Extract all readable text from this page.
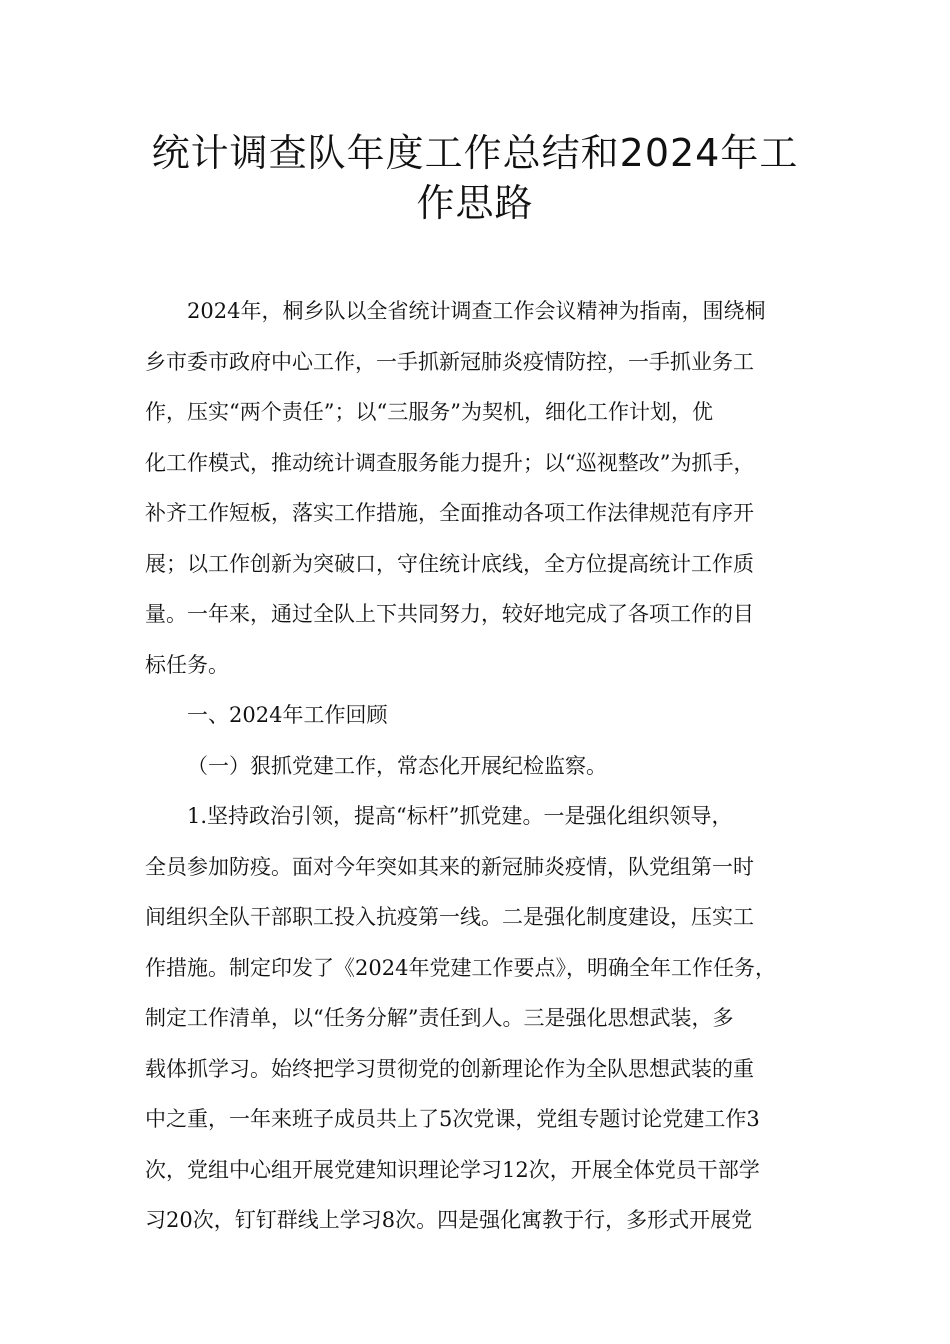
统计调查队年度工作总结和2024年工
作思路

2024年，桐乡队以全省统计调查工作会议精神为指南，围绕桐
乡市委市政府中心工作，一手抓新冠肺炎疫情防控，一手抓业务工
作，压实“两个责任”；以“三服务”为契机，细化工作计划，优
化工作模式，推动统计调查服务能力提升；以“巡视整改”为抓手，
补齐工作短板，落实工作措施，全面推动各项工作法律规范有序开
展；以工作创新为突破口，守住统计底线，全方位提高统计工作质
量。一年来，通过全队上下共同努力，较好地完成了各项工作的目
标任务。

一、2024年工作回顾

（一）狠抓党建工作，常态化开展纪检监察。

1.坚持政治引领，提高“标杆”抓党建。一是强化组织领导，
全员参加防疫。面对今年突如其来的新冠肺炎疫情，队党组第一时
间组织全队干部职工投入抗疫第一线。二是强化制度建设，压实工
作措施。制定印发了《2024年党建工作要点》，明确全年工作任务，
制定工作清单，以“任务分解”责任到人。三是强化思想武装，多
载体抓学习。始终把学习贯彻党的创新理论作为全队思想武装的重
中之重，一年来班子成员共上了5次党课，党组专题讨论党建工作3
次，党组中心组开展党建知识理论学习12次，开展全体党员干部学
习20次，钉钉群线上学习8次。四是强化寓教于行，多形式开展党
